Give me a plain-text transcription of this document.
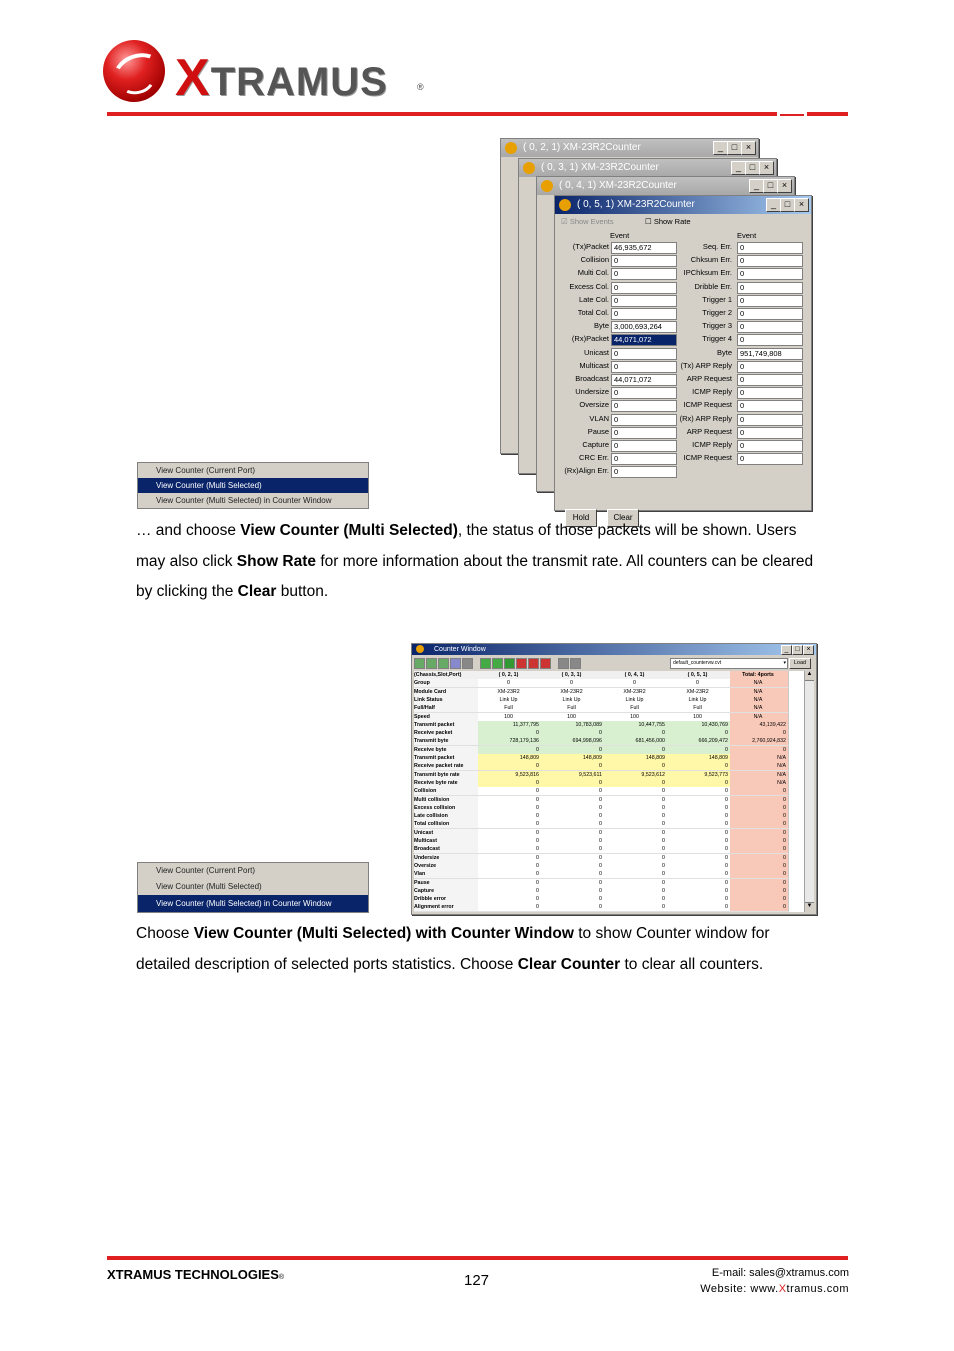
XTRAMUS	®
( 0, 2, 1) XM-23R2Counter	_ □ ×
( 0, 3, 1) XM-23R2Counter	_ □ ×
( 0, 4, 1) XM-23R2Counter	_ □ ×
( 0, 5, 1) XM-23R2Counter	_ □ ×
☑ Show Events	☐ Show Rate
Event	Event
Hold	Clear
(Tx)Packet 46,935,672
Collision 0
Multi Col. 0
Excess Col. 0
Late Col. 0
Total Col. 0
Byte 3,000,693,264
(Rx)Packet 44,071,072
Unicast 0
Multicast 0
Broadcast 44,071,072
Undersize 0
Oversize 0
VLAN 0
Pause 0
Capture 0
CRC Err. 0
(Rx)Align Err. 0
Seq. Err.	0
Chksum Err.	0
IPChksum Err.	0
Dribble Err.	0
Trigger 1	0
Trigger 2	0
Trigger 3	0
Trigger 4	0
Byte	951,749,808
(Tx) ARP Reply	0
ARP Request	0
ICMP Reply	0
ICMP Request	0
(Rx) ARP Reply	0
ARP Request	0
ICMP Reply	0
ICMP Request	0
View Counter (Current Port)
View Counter (Multi Selected)
View Counter (Multi Selected) in Counter Window
… and choose View Counter (Multi Selected), the status of those packets will be shown. Users may also click Show Rate for more information about the transmit rate. All counters can be cleared by clicking the Clear button.
Counter Window	_ □ ×
default_countervw.cvt	▾	Load
(Chassis,Slot,Port)	( 0, 2, 1)	( 0, 3, 1)	( 0, 4, 1)	( 0, 5, 1)	Total: 4ports
Group	0	0	0	0	N/A
Module Card	XM-23R2	XM-23R2	XM-23R2	XM-23R2	N/A
Link Status	Link Up	Link Up	Link Up	Link Up	N/A
Full/Half	Full	Full	Full	Full	N/A
Speed	100	100	100	100	N/A
Transmit packet	11,377,795	10,783,089	10,447,755	10,430,769	43,139,422
Receive packet	0	0	0	0	0
Transmit byte	728,179,136	694,998,096	681,456,000	666,209,472	2,760,924,832
Receive byte	0	0	0	0	0
Transmit packet	148,809	148,809	148,809	148,809	N/A
Receive packet rate	0	0	0	0	N/A
Transmit byte rate	9,523,816	9,523,611	9,523,612	9,523,773	N/A
Receive byte rate	0	0	0	0	N/A
Collision	0	0	0	0	0
Multi collision	0	0	0	0	0
Excess collision	0	0	0	0	0
Late collision	0	0	0	0	0
Total collision	0	0	0	0	0
Unicast	0	0	0	0	0
Multicast	0	0	0	0	0
Broadcast	0	0	0	0	0
Undersize	0	0	0	0	0
Oversize	0	0	0	0	0
Vlan	0	0	0	0	0
Pause	0	0	0	0	0
Capture	0	0	0	0	0
Dribble error	0	0	0	0	0
Alignment error	0	0	0	0	0
▲
▼
View Counter (Current Port)
View Counter (Multi Selected)
View Counter (Multi Selected) in Counter Window
Choose View Counter (Multi Selected) with Counter Window to show Counter window for detailed description of selected ports statistics. Choose Clear Counter to clear all counters.
XTRAMUS TECHNOLOGIES®	127	E-mail: sales@xtramus.com
Website: www.Xtramus.com
